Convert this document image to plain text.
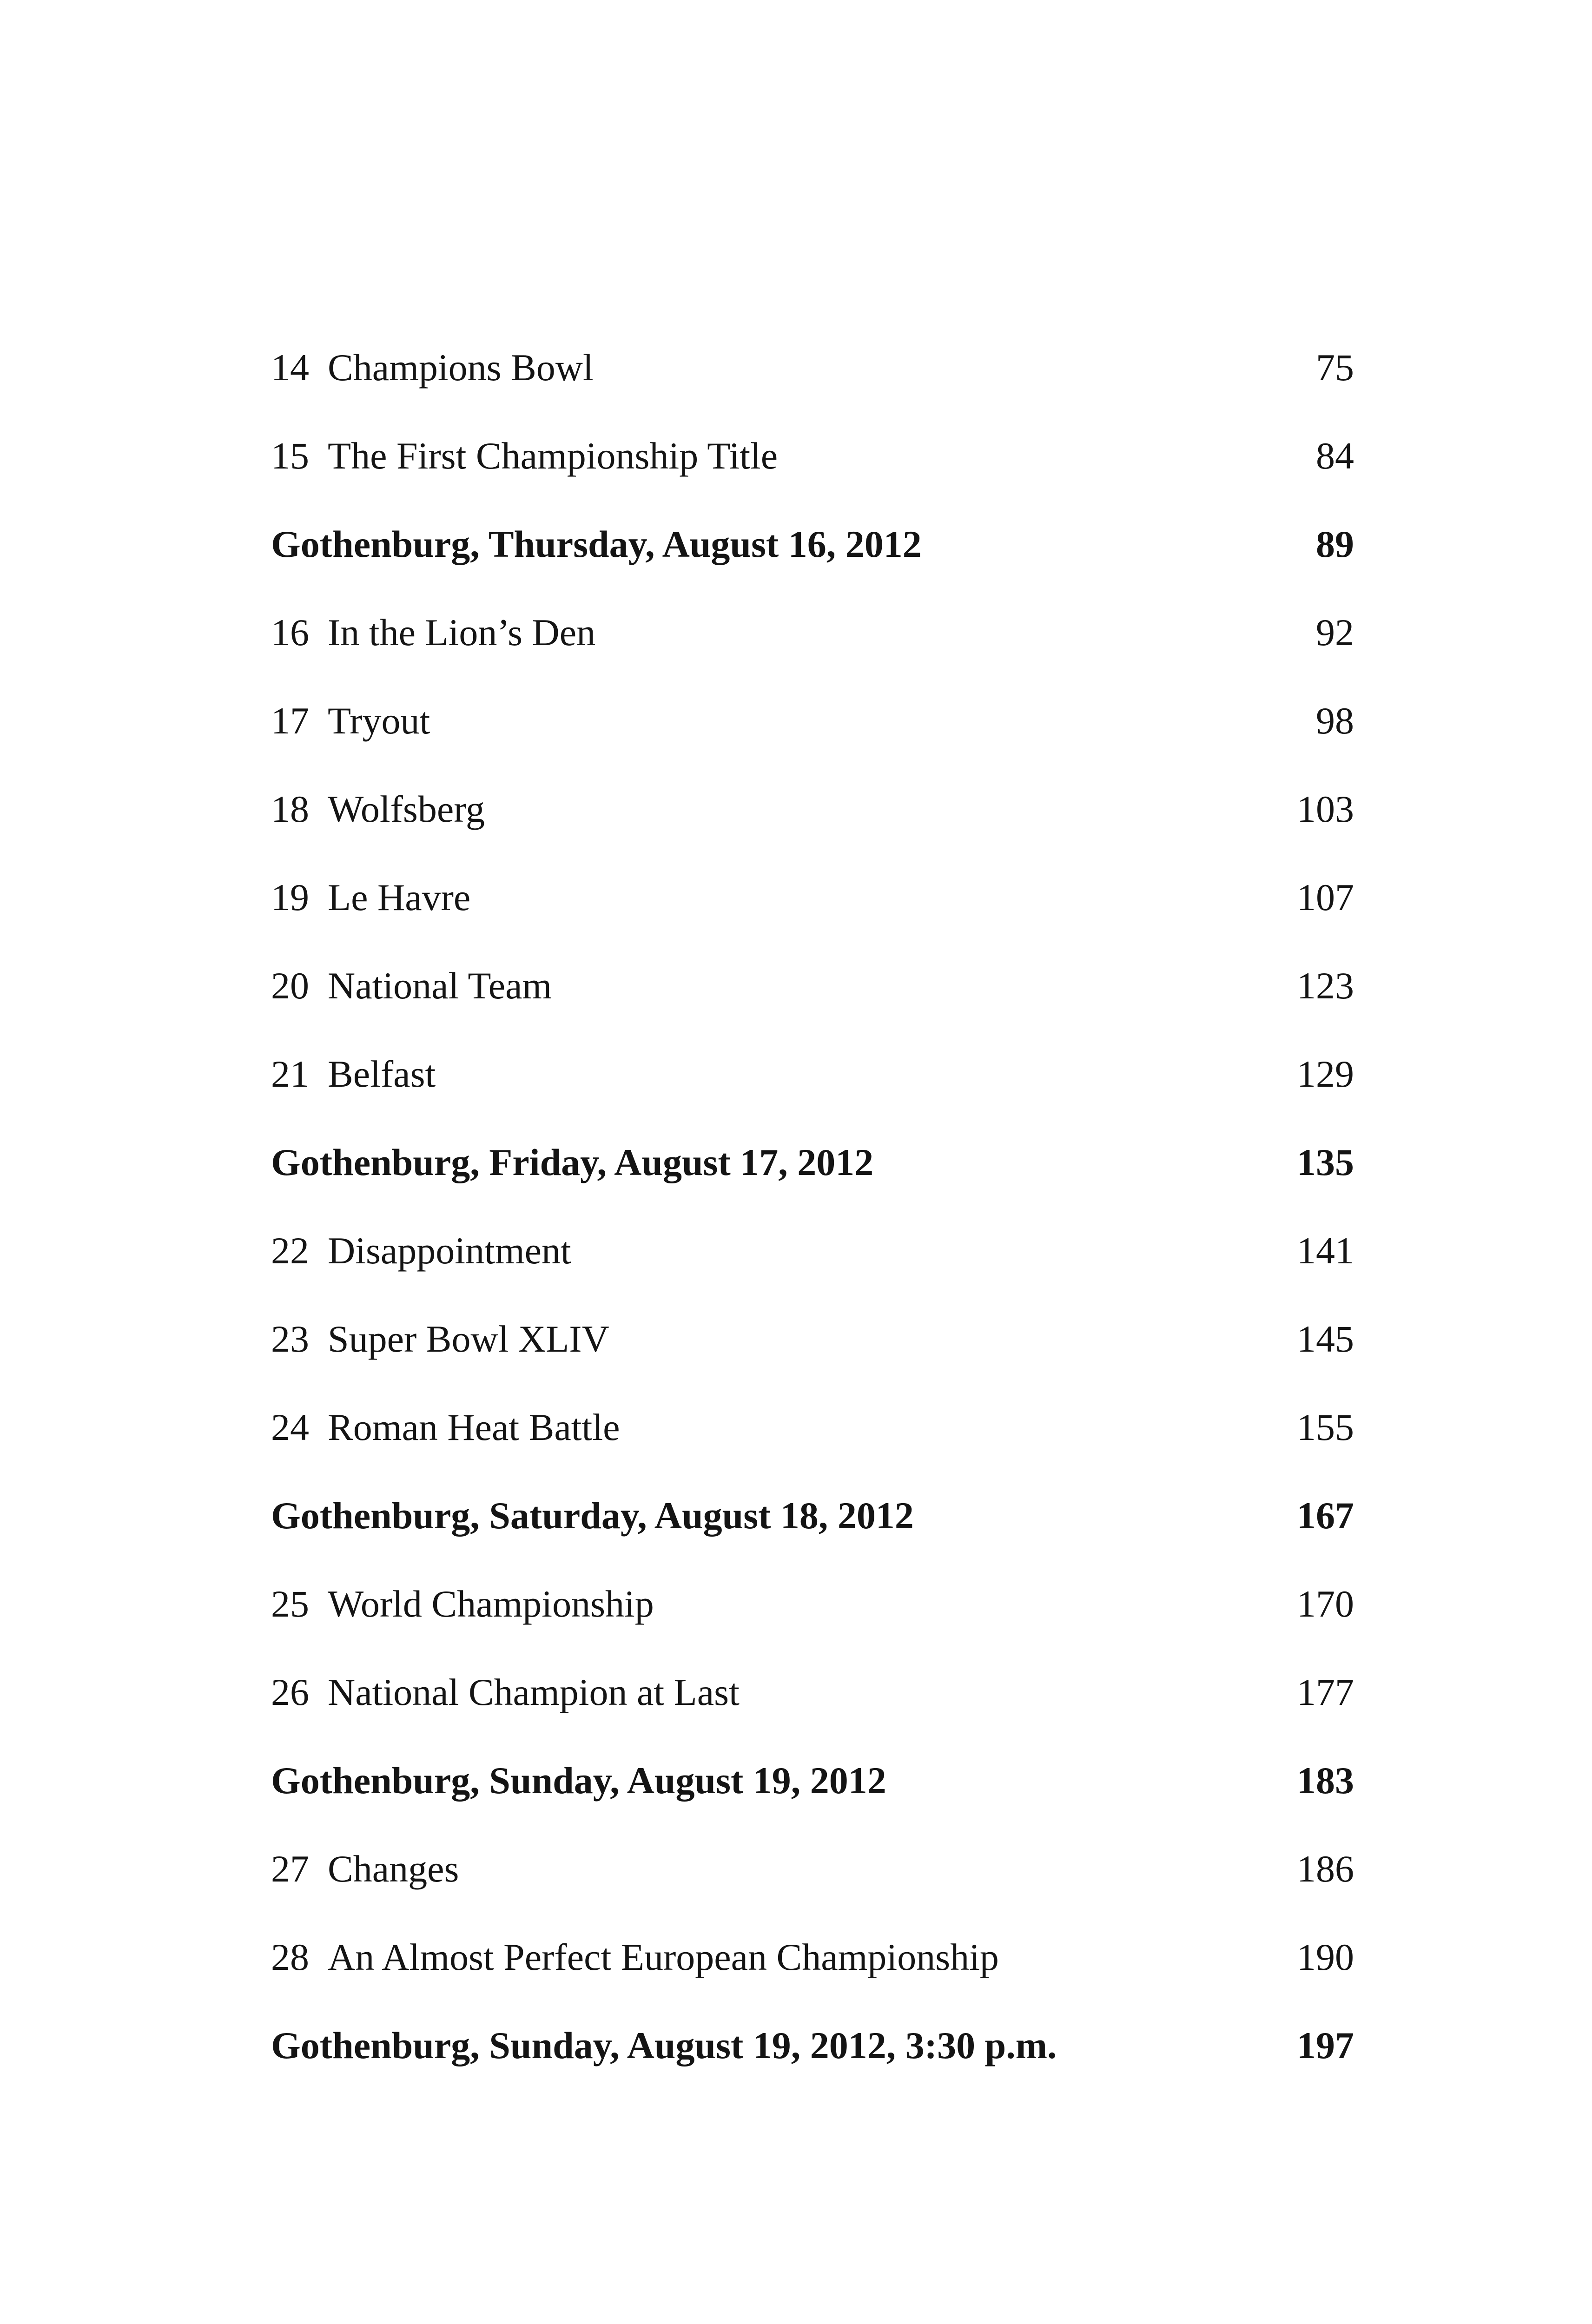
14 Champions Bowl	75
15 The First Championship Title	84
Gothenburg, Thursday, August 16, 2012	89
16 In the Lion’s Den	92
17 Tryout	98
18 Wolfsberg	103
19 Le Havre	107
20 National Team	123
21 Belfast	129
Gothenburg, Friday, August 17, 2012	135
22 Disappointment	141
23 Super Bowl XLIV	145
24 Roman Heat Battle	155
Gothenburg, Saturday, August 18, 2012	167
25 World Championship	170
26 National Champion at Last	177
Gothenburg, Sunday, August 19, 2012	183
27 Changes	186
28 An Almost Perfect European Championship	190
Gothenburg, Sunday, August 19, 2012, 3:30 p.m.	197
